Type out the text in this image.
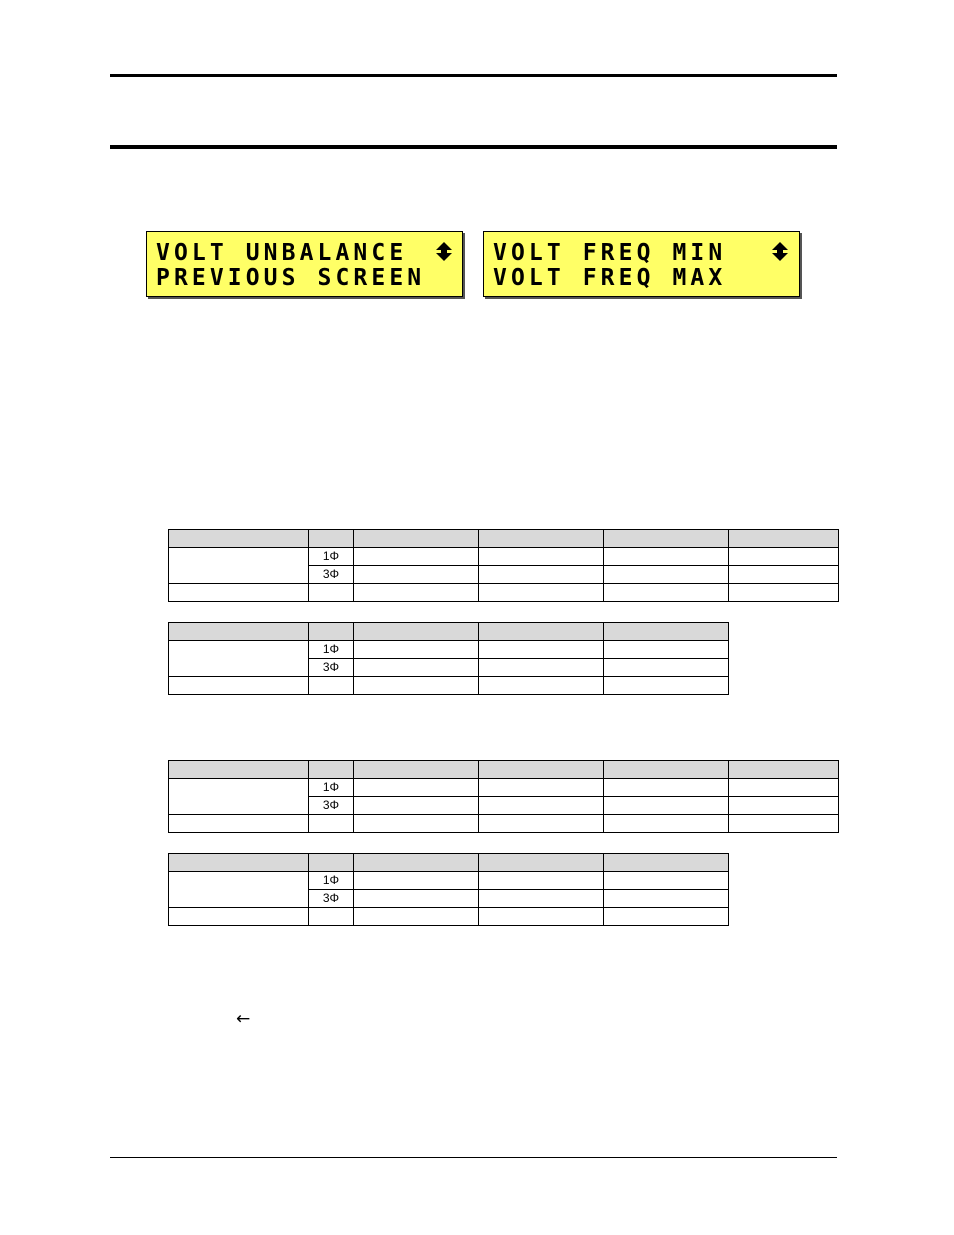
VOLT UNBALANCE
PREVIOUS SCREEN
VOLT FREQ MIN
VOLT FREQ MAX

	1Φ				
	3Φ				

	1Φ			
	3Φ			

	1Φ				
	3Φ				

	1Φ			
	3Φ			

←
